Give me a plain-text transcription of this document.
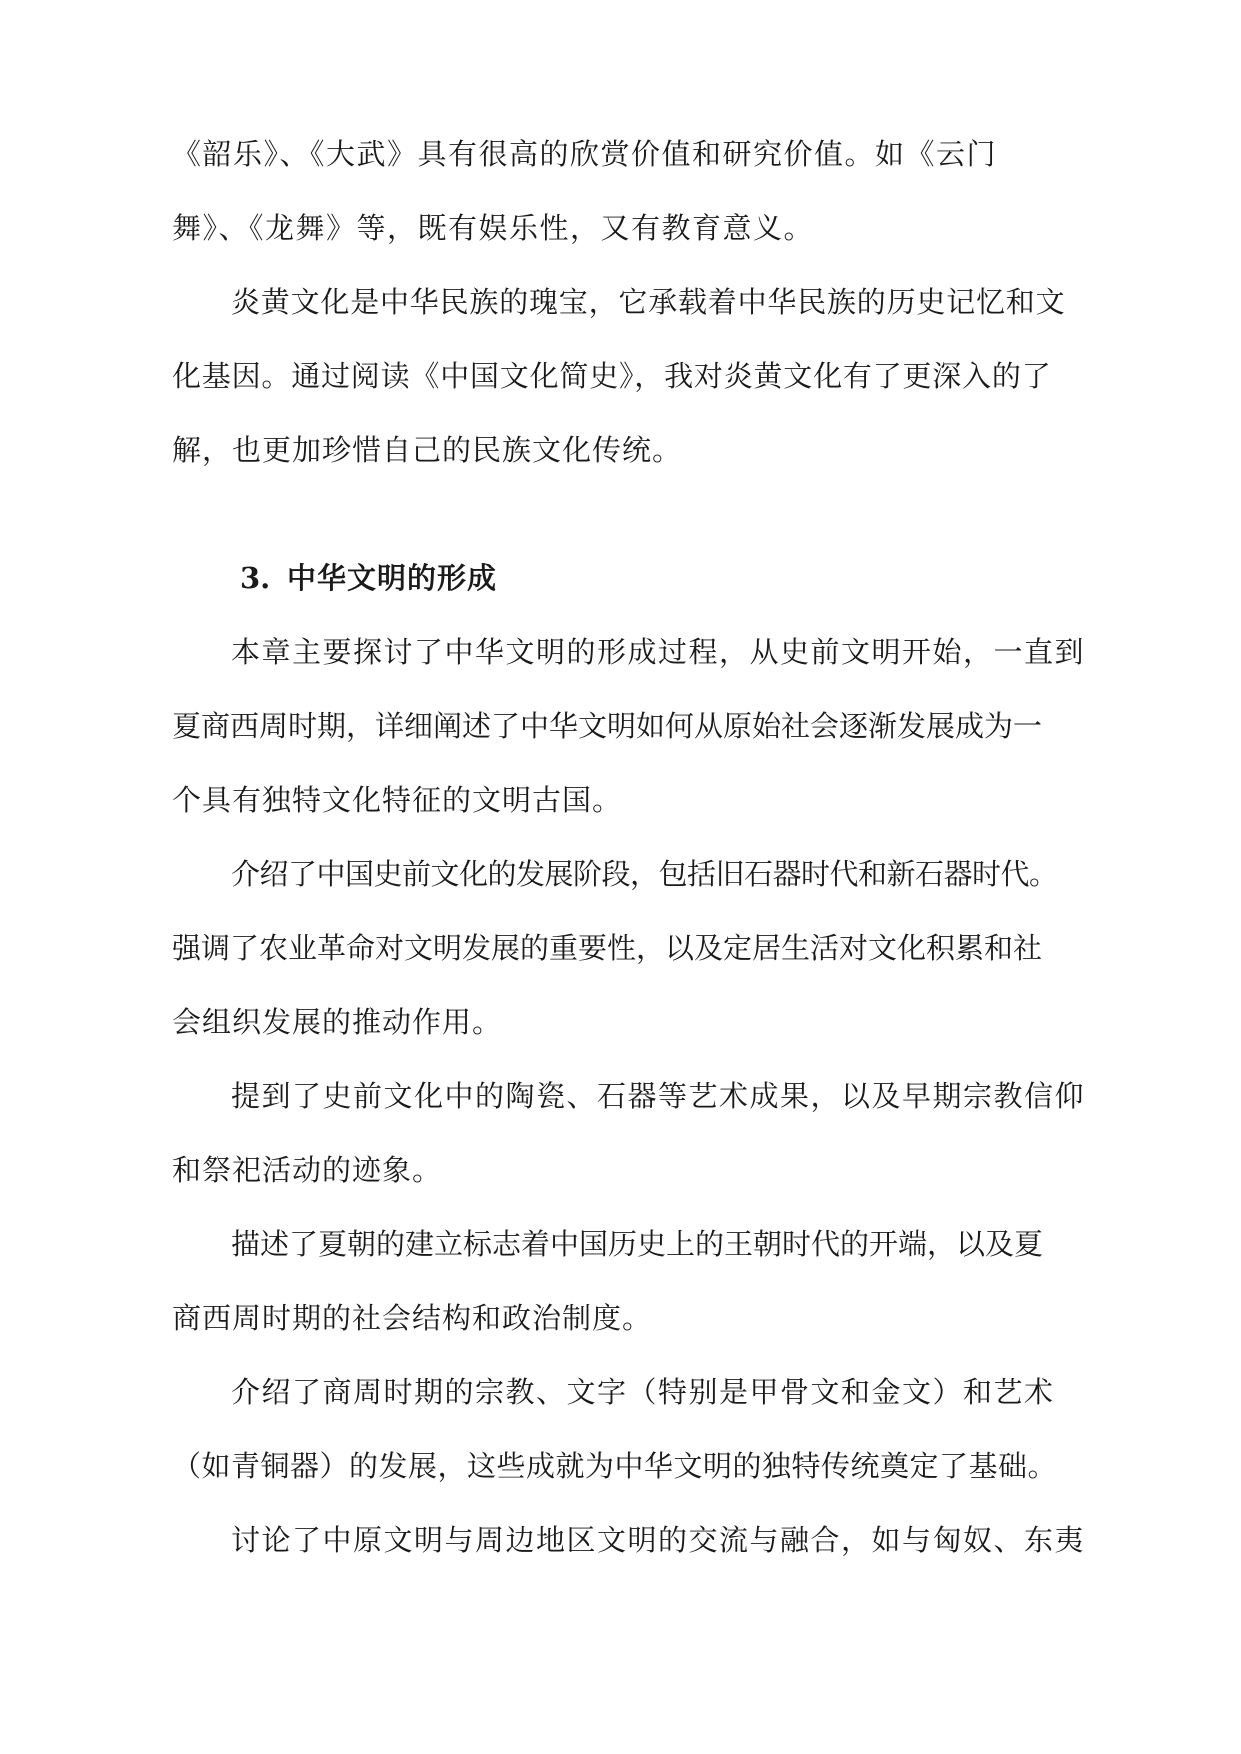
《韶乐》、《大武》具有很高的欣赏价值和研究价值。如《云门
舞》、《龙舞》等，既有娱乐性，又有教育意义。
炎黄文化是中华民族的瑰宝，它承载着中华民族的历史记忆和文
化基因。通过阅读《中国文化简史》，我对炎黄文化有了更深入的了
解，也更加珍惜自己的民族文化传统。
3. 中华文明的形成
本章主要探讨了中华文明的形成过程，从史前文明开始，一直到
夏商西周时期，详细阐述了中华文明如何从原始社会逐渐发展成为一
个具有独特文化特征的文明古国。
介绍了中国史前文化的发展阶段，包括旧石器时代和新石器时代。
强调了农业革命对文明发展的重要性，以及定居生活对文化积累和社
会组织发展的推动作用。
提到了史前文化中的陶瓷、石器等艺术成果，以及早期宗教信仰
和祭祀活动的迹象。
描述了夏朝的建立标志着中国历史上的王朝时代的开端，以及夏
商西周时期的社会结构和政治制度。
介绍了商周时期的宗教、文字（特别是甲骨文和金文）和艺术
（如青铜器）的发展，这些成就为中华文明的独特传统奠定了基础。
讨论了中原文明与周边地区文明的交流与融合，如与匈奴、东夷
